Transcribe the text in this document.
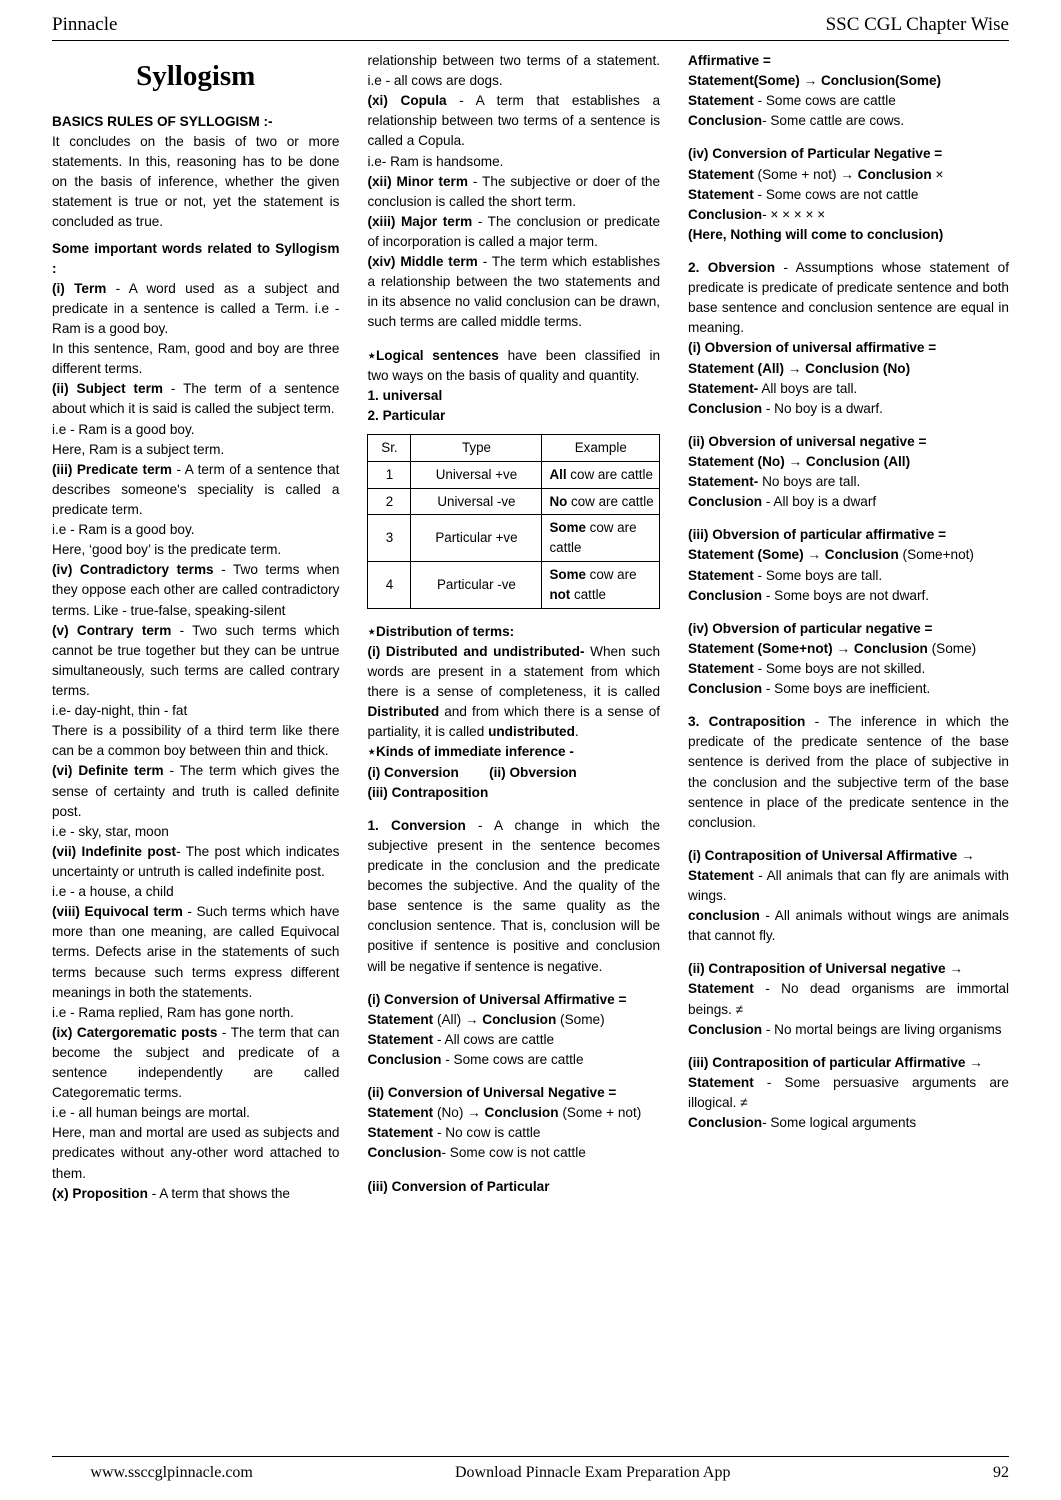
Pinnacle	SSC CGL Chapter Wise
Syllogism

BASICS RULES OF SYLLOGISM :-

It concludes on the basis of two or more statements. In this, reasoning has to be done on the basis of inference, whether the given statement is true or not, yet the statement is concluded as true.

Some important words related to Syllogism :

(i) Term - A word used as a subject and predicate in a sentence is called a Term. i.e - Ram is a good boy.

In this sentence, Ram, good and boy are three different terms.

(ii) Subject term - The term of a sentence about which it is said is called the subject term.

i.e - Ram is a good boy.

Here, Ram is a subject term.

(iii) Predicate term - A term of a sentence that describes someone's speciality is called a predicate term.

i.e - Ram is a good boy.

Here, ‘good boy’ is the predicate term.

(iv) Contradictory terms - Two terms when they oppose each other are called contradictory terms. Like - true-false, speaking-silent

(v) Contrary term - Two such terms which cannot be true together but they can be untrue simultaneously, such terms are called contrary terms.

i.e- day-night, thin - fat

There is a possibility of a third term like there can be a common boy between thin and thick.

(vi) Definite term - The term which gives the sense of certainty and truth is called definite post.

i.e - sky, star, moon

(vii) Indefinite post- The post which indicates uncertainty or untruth is called indefinite post.

i.e - a house, a child

(viii) Equivocal term - Such terms which have more than one meaning, are called Equivocal terms. Defects arise in the statements of such terms because such terms express different meanings in both the statements.

i.e - Rama replied, Ram has gone north.

(ix) Catergorematic posts - The term that can become the subject and predicate of a sentence independently are called Categorematic terms.

i.e - all human beings are mortal.

Here, man and mortal are used as subjects and predicates without any-other word attached to them.

(x) Proposition - A term that shows the

relationship between two terms of a statement. i.e - all cows are dogs.

(xi) Copula - A term that establishes a relationship between two terms of a sentence is called a Copula.

i.e- Ram is handsome.

(xii) Minor term - The subjective or doer of the conclusion is called the short term.

(xiii) Major term - The conclusion or predicate of incorporation is called a major term.

(xiv) Middle term - The term which establishes a relationship between the two statements and in its absence no valid conclusion can be drawn, such terms are called middle terms.

⋆Logical sentences have been classified in two ways on the basis of quality and quantity.

1. universal

2. Particular

Sr.	Type	Example
1	Universal +ve	All cow are cattle
2	Universal -ve	No cow are cattle
3	Particular +ve	Some cow are cattle
4	Particular -ve	Some cow are not cattle

⋆Distribution of terms:

(i) Distributed and undistributed- When such words are present in a statement from which there is a sense of completeness, it is called Distributed and from which there is a sense of partiality, it is called undistributed.

⋆Kinds of immediate inference -

(i) Conversion (ii) Obversion

(iii) Contraposition

1. Conversion - A change in which the subjective present in the sentence becomes predicate in the conclusion and the predicate becomes the subjective. And the quality of the base sentence is the same quality as the conclusion sentence. That is, conclusion will be positive if sentence is positive and conclusion will be negative if sentence is negative.

(i) Conversion of Universal Affirmative =

Statement (All) → Conclusion (Some)

Statement - All cows are cattle

Conclusion - Some cows are cattle

(ii) Conversion of Universal Negative =

Statement (No) → Conclusion (Some + not)

Statement - No cow is cattle

Conclusion- Some cow is not cattle

(iii) Conversion of Particular

Affirmative =

Statement(Some) → Conclusion(Some)

Statement - Some cows are cattle

Conclusion- Some cattle are cows.

(iv) Conversion of Particular Negative =

Statement (Some + not) → Conclusion ×

Statement - Some cows are not cattle

Conclusion- × × × × ×

(Here, Nothing will come to conclusion)

2. Obversion - Assumptions whose statement of predicate is predicate of predicate sentence and both base sentence and conclusion sentence are equal in meaning.

(i) Obversion of universal affirmative =

Statement (All) → Conclusion (No)

Statement- All boys are tall.

Conclusion - No boy is a dwarf.

(ii) Obversion of universal negative =

Statement (No) → Conclusion (All)

Statement- No boys are tall.

Conclusion - All boy is a dwarf

(iii) Obversion of particular affirmative =

Statement (Some) → Conclusion (Some+not)

Statement - Some boys are tall.

Conclusion - Some boys are not dwarf.

(iv) Obversion of particular negative =

Statement (Some+not) → Conclusion (Some)

Statement - Some boys are not skilled.

Conclusion - Some boys are inefficient.

3. Contraposition - The inference in which the predicate of the predicate sentence of the base sentence is derived from the place of subjective in the conclusion and the subjective term of the base sentence in place of the predicate sentence in the conclusion.

(i) Contraposition of Universal Affirmative →

Statement - All animals that can fly are animals with wings.

conclusion - All animals without wings are animals that cannot fly.

(ii) Contraposition of Universal negative →

Statement - No dead organisms are immortal beings. ≠

Conclusion - No mortal beings are living organisms

(iii) Contraposition of particular Affirmative →

Statement - Some persuasive arguments are illogical. ≠

Conclusion- Some logical arguments

www.ssccglpinnacle.com	Download Pinnacle Exam Preparation App	92
